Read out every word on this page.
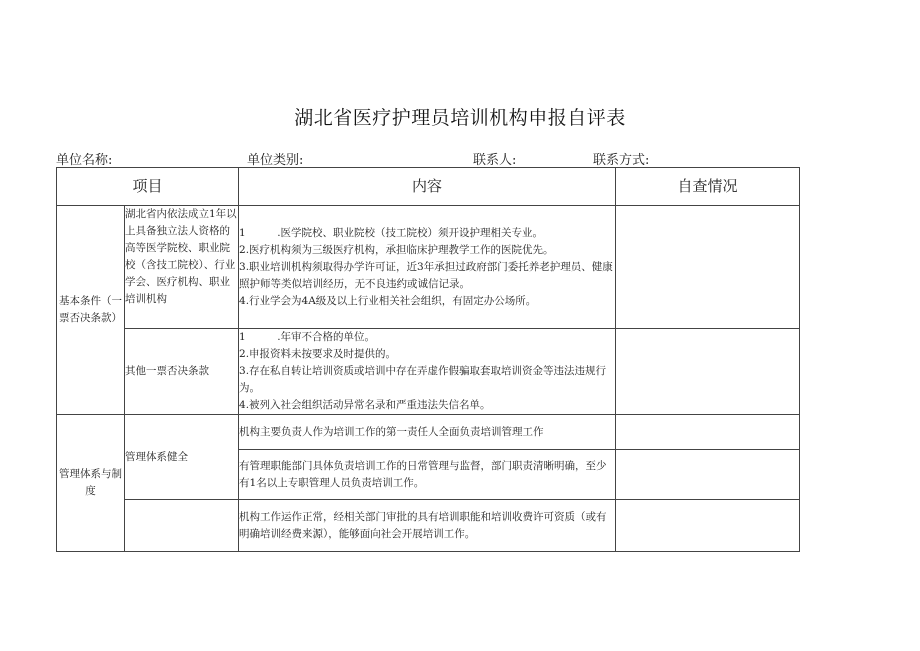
湖北省医疗护理员培训机构申报自评表
单位名称:	单位类别:	联系人:	联系方式:
项目		内容	自查情况
基本条件（一票否决条款）	湖北省内依法成立1年以上具备独立法人资格的高等医学院校、职业院校（含技工院校）、行业学会、医疗机构、职业培训机构	1　　　.医学院校、职业院校（技工院校）须开设护理相关专业。
2.医疗机构须为三级医疗机构，承担临床护理教学工作的医院优先。
3.职业培训机构须取得办学许可证，近3年承担过政府部门委托养老护理员、健康照护师等类似培训经历，无不良违约或诚信记录。
4.行业学会为4A级及以上行业相关社会组织，有固定办公场所。	

	其他一票否决条款	1　　　.年审不合格的单位。
2.申报资料未按要求及时提供的。
3.存在私自转让培训资质或培训中存在弄虚作假骗取套取培训资金等违法违规行为。
4.被列入社会组织活动异常名录和严重违法失信名单。	

管理体系与制度	管理体系健全	机构主要负责人作为培训工作的第一责任人全面负责培训管理工作	
		有管理职能部门具体负责培训工作的日常管理与监督，部门职责清晰明确，至少有1名以上专职管理人员负责培训工作。	
		机构工作运作正常，经相关部门审批的具有培训职能和培训收费许可资质（或有明确培训经费来源），能够面向社会开展培训工作。	
